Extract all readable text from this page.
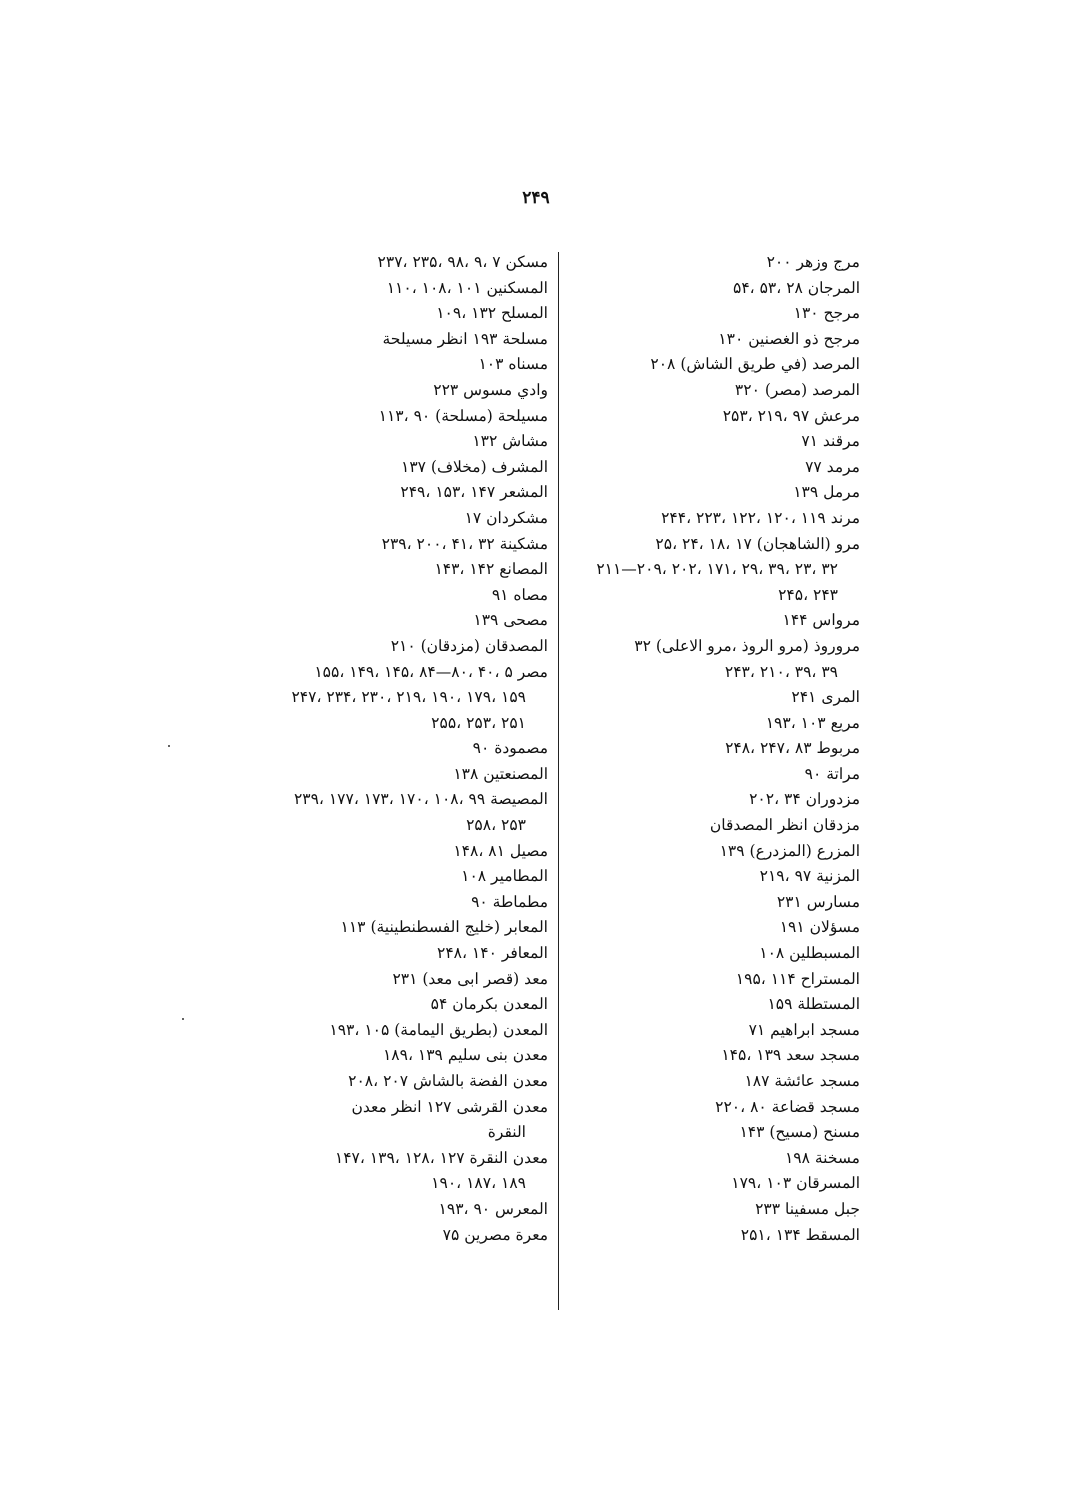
۲۴۹
مرج وزهر ۲۰۰
المرجان ۲۸ ،۵۳ ،۵۴
مرجح ۱۳۰
مرجح ذو الغصنين ۱۳۰
المرصد (في طريق الشاش) ۲۰۸
المرصد (مصر) ۳۲۰
مرعش ۹۷ ،۲۱۹ ،۲۵۳
مرقند ۷۱
مرمد ۷۷
مرمل ۱۳۹
مرند ۱۱۹ ،۱۲۰ ،۱۲۲ ،۲۲۳ ،۲۴۴
مرو (الشاهجان) ۱۷ ،۱۸ ،۲۴ ،۲۵
۳۲ ،۲۳ ،۳۹ ،۲۹ ،۱۷۱ ،۲۰۲ ،۲۰۹—۲۱۱
۲۴۳ ،۲۴۵
مرواس ۱۴۴
مروروذ (مرو الروذ ،مرو الاعلى) ۳۲
۳۹ ،۳۹ ،۲۱۰ ،۲۴۳
المرى ۲۴۱
مريع ۱۰۳ ،۱۹۳
مربوط ۸۳ ،۲۴۷ ،۲۴۸
مراتة ۹۰
مزدوران ۳۴ ،۲۰۲
مزدقان انظر المصدقان
المزرع (المزدرع) ۱۳۹
المزنية ۹۷ ،۲۱۹
مسارس ۲۳۱
مسؤلان ۱۹۱
المسبطلين ۱۰۸
المستراح ۱۱۴ ،۱۹۵
المستطلة ۱۵۹
مسجد ابراهيم ۷۱
مسجد سعد ۱۳۹ ،۱۴۵
مسجد عائشة ۱۸۷
مسجد قضاعة ۸۰ ،۲۲۰
مسنح (مسيح) ۱۴۳
مسخنة ۱۹۸
المسرقان ۱۰۳ ،۱۷۹
جبل مسفينا ۲۳۳
المسقط ۱۳۴ ،۲۵۱
مسكن ۷ ،۹ ،۹۸ ،۲۳۵ ،۲۳۷
المسكنين ۱۰۱ ،۱۰۸ ،۱۱۰
المسلح ۱۳۲ ،۱۰۹
مسلحة ۱۹۳ انظر مسيلحة
مسناه ۱۰۳
وادي مسوس ۲۲۳
مسيلحة (مسلحة) ۹۰ ،۱۱۳
مشاش ۱۳۲
المشرف (مخلاف) ۱۳۷
المشعر ۱۴۷ ،۱۵۳ ،۲۴۹
مشكردان ۱۷
مشكينة ۳۲ ،۴۱ ،۲۰۰ ،۲۳۹
المصانع ۱۴۲ ،۱۴۳
مصاه ۹۱
مصحى ۱۳۹
المصدقان (مزدقان) ۲۱۰
مصر ۵ ،۴۰ ،۸۰—۸۴ ،۱۴۵ ،۱۴۹ ،۱۵۵
۱۵۹ ،۱۷۹ ،۱۹۰ ،۲۱۹ ،۲۳۰ ،۲۳۴ ،۲۴۷
۲۵۱ ،۲۵۳ ،۲۵۵
مصمودة ۹۰
المصنعتين ۱۳۸
المصيصة ۹۹ ،۱۰۸ ،۱۷۰ ،۱۷۳ ،۱۷۷ ،۲۳۹
۲۵۳ ،۲۵۸
مصيل ۸۱ ،۱۴۸
المطامير ۱۰۸
مطماطة ۹۰
المعابر (خليج الفسطنطينية) ۱۱۳
المعافر ۱۴۰ ،۲۴۸
معد (قصر ابى معد) ۲۳۱
المعدن بكرمان ۵۴
المعدن (بطريق اليمامة) ۱۰۵ ،۱۹۳
معدن بنى سليم ۱۳۹ ،۱۸۹
معدن الفضة بالشاش ۲۰۷ ،۲۰۸
معدن القرشى ۱۲۷ انظر معدن
النقرة
معدن النقرة ۱۲۷ ،۱۲۸ ،۱۳۹ ،۱۴۷
۱۸۹ ،۱۸۷ ،۱۹۰
المعرس ۹۰ ،۱۹۳
معرة مصرين ۷۵
